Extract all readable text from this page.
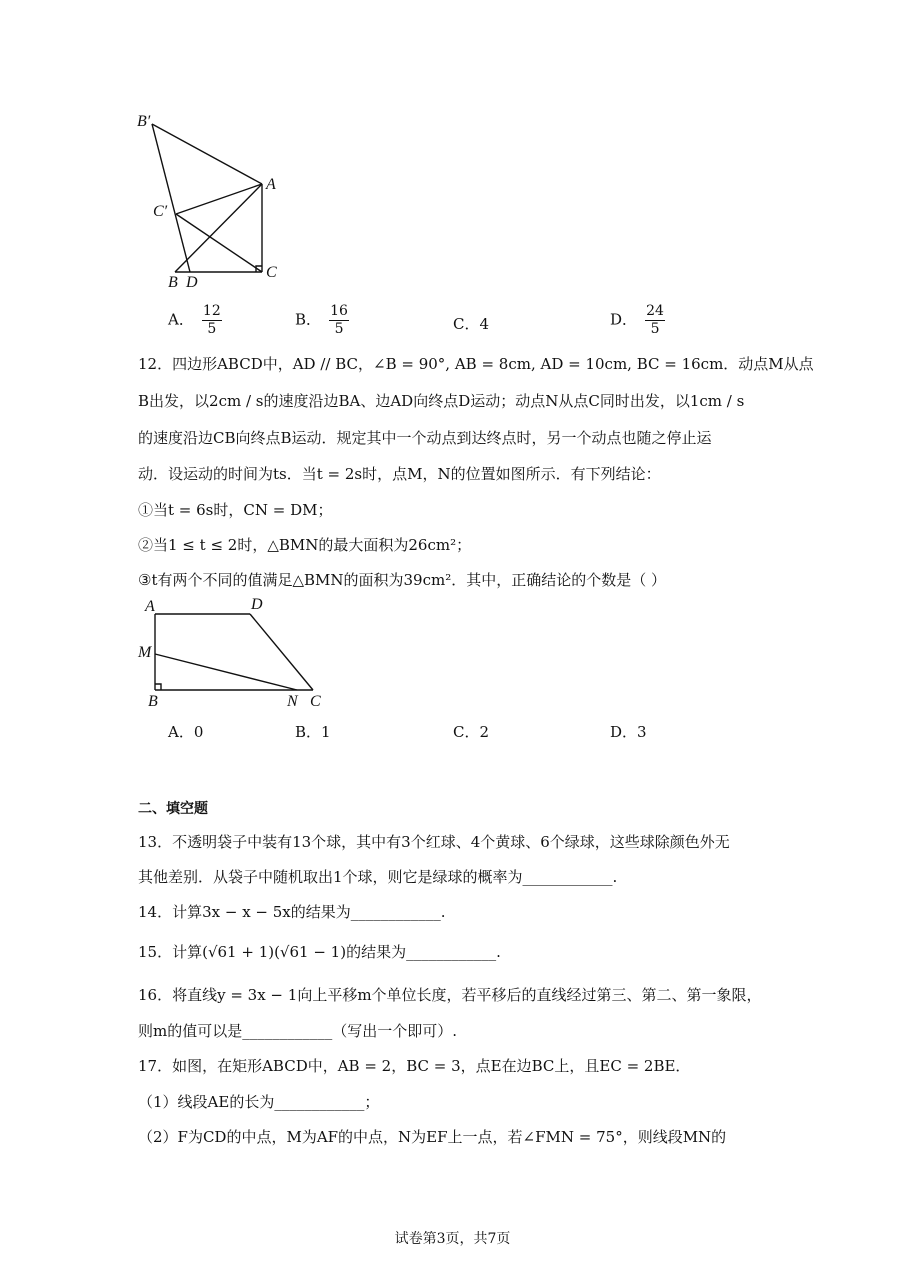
B′
A
C′
B D
C
A． $\frac{12}{5}$	B． $\frac{16}{5}$	C．4	D． $\frac{24}{5}$
12．四边形ABCD中，AD // BC，∠B = 90°, AB = 8cm, AD = 10cm, BC = 16cm．动点M从点
B出发，以2cm / s的速度沿边BA、边AD向终点D运动；动点N从点C同时出发，以1cm / s
的速度沿边CB向终点B运动．规定其中一个动点到达终点时，另一个动点也随之停止运
动．设运动的时间为ts．当t = 2s时，点M，N的位置如图所示．有下列结论：
①当t = 6s时，CN = DM；
②当1 ≤ t ≤ 2时，△BMN的最大面积为26cm²；
③t有两个不同的值满足△BMN的面积为39cm²．其中，正确结论的个数是（ ）
A	D
M
B	N C
A．0	B．1	C．2	D．3
二、填空题
13．不透明袋子中装有13个球，其中有3个红球、4个黄球、6个绿球，这些球除颜色外无
其他差别．从袋子中随机取出1个球，则它是绿球的概率为____________.
14．计算3x − x − 5x的结果为____________.
15．计算(√61 + 1)(√61 − 1)的结果为____________.
16．将直线y = 3x − 1向上平移m个单位长度，若平移后的直线经过第三、第二、第一象限，
则m的值可以是____________（写出一个即可）.
17．如图，在矩形ABCD中，AB = 2，BC = 3，点E在边BC上，且EC = 2BE．
（1）线段AE的长为____________；
（2）F为CD的中点，M为AF的中点，N为EF上一点，若∠FMN = 75°，则线段MN的
试卷第3页，共7页
